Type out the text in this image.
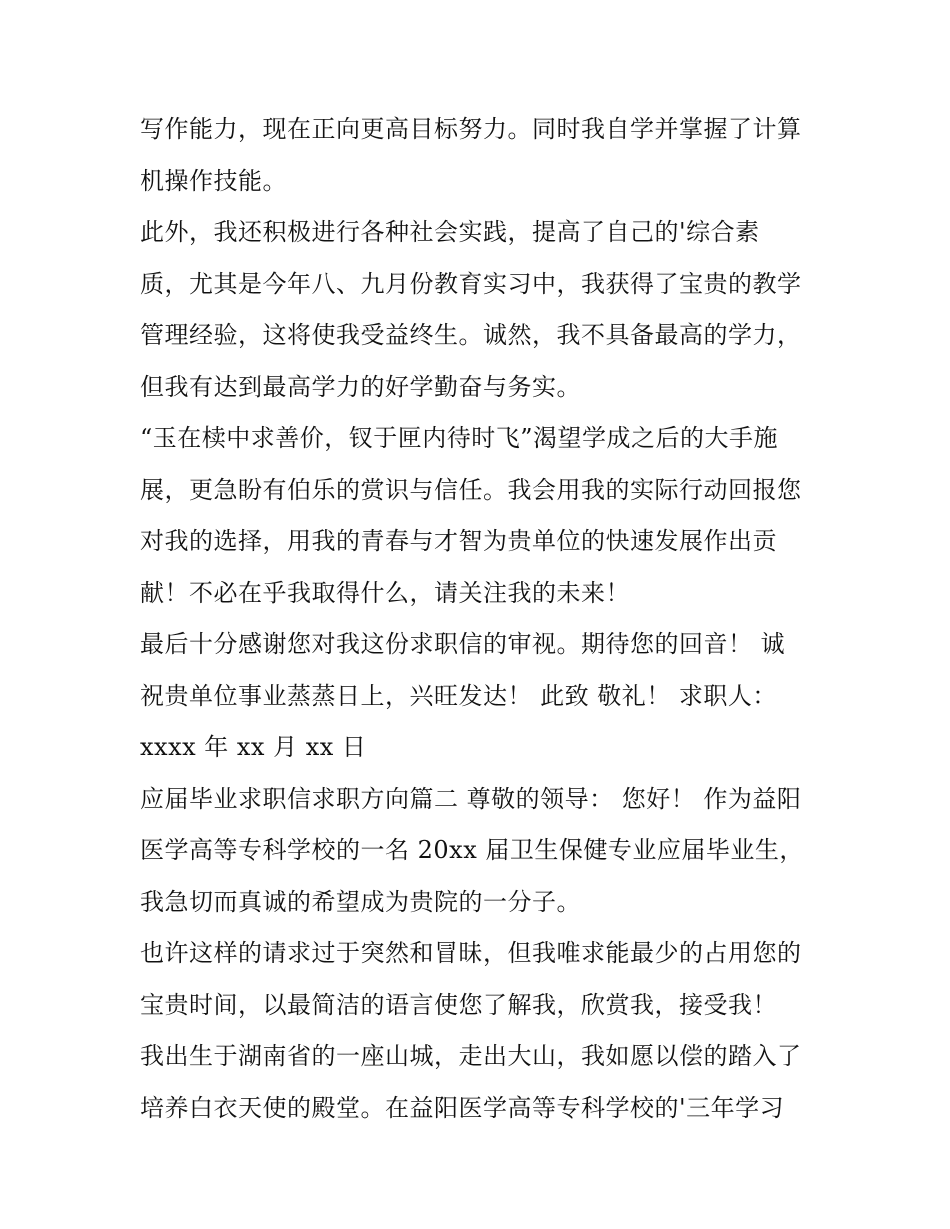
写作能力，现在正向更高目标努力。同时我自学并掌握了计算
机操作技能。
此外，我还积极进行各种社会实践，提高了自己的'综合素
质，尤其是今年八、九月份教育实习中，我获得了宝贵的教学
管理经验，这将使我受益终生。诚然，我不具备最高的学力，
但我有达到最高学力的好学勤奋与务实。
“玉在椟中求善价，钗于匣内待时飞”渴望学成之后的大手施
展，更急盼有伯乐的赏识与信任。我会用我的实际行动回报您
对我的选择，用我的青春与才智为贵单位的快速发展作出贡
献！不必在乎我取得什么，请关注我的未来！
最后十分感谢您对我这份求职信的审视。期待您的回音！ 诚
祝贵单位事业蒸蒸日上，兴旺发达！ 此致 敬礼！ 求职人：
xxxx 年 xx 月 xx 日
应届毕业求职信求职方向篇二 尊敬的领导： 您好！ 作为益阳
医学高等专科学校的一名 20xx 届卫生保健专业应届毕业生，
我急切而真诚的希望成为贵院的一分子。
也许这样的请求过于突然和冒昧，但我唯求能最少的占用您的
宝贵时间，以最简洁的语言使您了解我，欣赏我，接受我！
我出生于湖南省的一座山城，走出大山，我如愿以偿的踏入了
培养白衣天使的殿堂。在益阳医学高等专科学校的'三年学习
